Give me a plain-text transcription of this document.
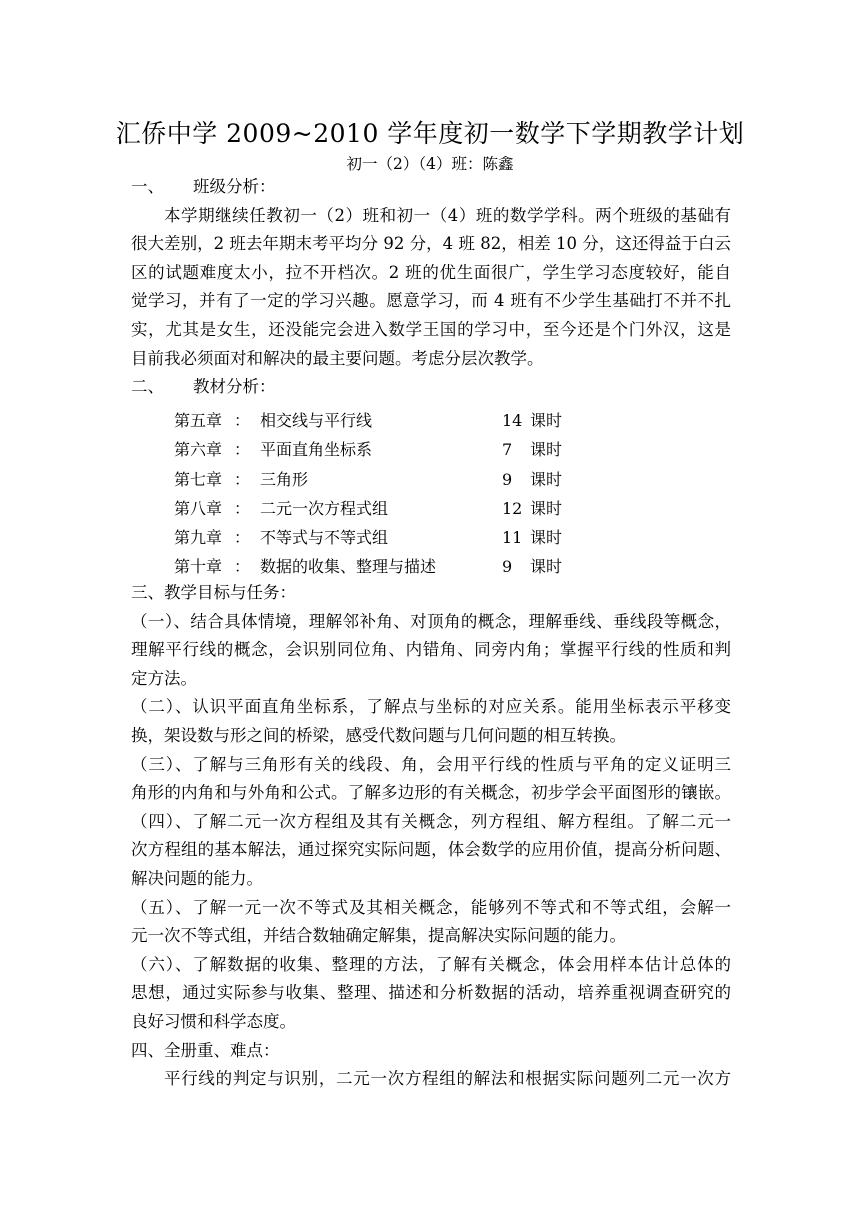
汇侨中学 2009~2010 学年度初一数学下学期教学计划
初一（2）（4）班：陈鑫
一、 班级分析：
本学期继续任教初一（2）班和初一（4）班的数学学科。两个班级的基础有
很大差别，2 班去年期末考平均分 92 分，4 班 82，相差 10 分，这还得益于白云
区的试题难度太小，拉不开档次。2 班的优生面很广，学生学习态度较好，能自
觉学习，并有了一定的学习兴趣。愿意学习，而 4 班有不少学生基础打不并不扎
实，尤其是女生，还没能完会进入数学王国的学习中，至今还是个门外汉，这是
目前我必须面对和解决的最主要问题。考虑分层次教学。
二、 教材分析：
第五章 ： 相交线与平行线	14 课时
第六章 ： 平面直角坐标系	7 课时
第七章 ： 三角形	9 课时
第八章 ： 二元一次方程式组	12 课时
第九章 ： 不等式与不等式组	11 课时
第十章 ： 数据的收集、整理与描述	9 课时
三、教学目标与任务：
（一）、结合具体情境，理解邻补角、对顶角的概念，理解垂线、垂线段等概念，
理解平行线的概念，会识别同位角、内错角、同旁内角；掌握平行线的性质和判
定方法。
（二）、认识平面直角坐标系，了解点与坐标的对应关系。能用坐标表示平移变
换，架设数与形之间的桥梁，感受代数问题与几何问题的相互转换。
（三）、了解与三角形有关的线段、角，会用平行线的性质与平角的定义证明三
角形的内角和与外角和公式。了解多边形的有关概念，初步学会平面图形的镶嵌。
（四）、了解二元一次方程组及其有关概念，列方程组、解方程组。了解二元一
次方程组的基本解法，通过探究实际问题，体会数学的应用价值，提高分析问题、
解决问题的能力。
（五）、了解一元一次不等式及其相关概念，能够列不等式和不等式组，会解一
元一次不等式组，并结合数轴确定解集，提高解决实际问题的能力。
（六）、了解数据的收集、整理的方法，了解有关概念，体会用样本估计总体的
思想，通过实际参与收集、整理、描述和分析数据的活动，培养重视调查研究的
良好习惯和科学态度。
四、全册重、难点：
平行线的判定与识别，二元一次方程组的解法和根据实际问题列二元一次方
